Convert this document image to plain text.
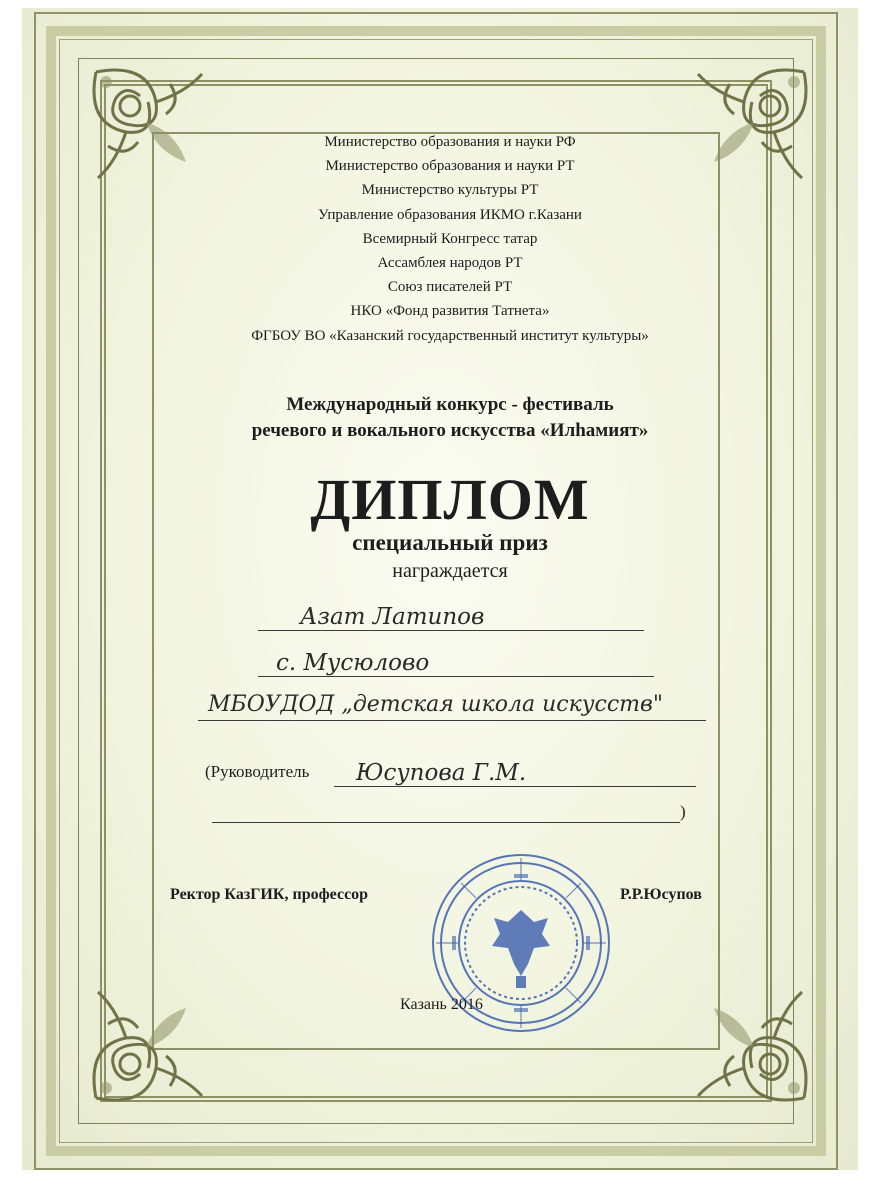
Министерство образования и науки РФ
Министерство образования и науки РТ
Министерство культуры РТ
Управление образования ИКМО г.Казани
Всемирный Конгресс татар
Ассамблея народов РТ
Союз писателей РТ
НКО «Фонд развития Татнета»
ФГБОУ ВО «Казанский государственный институт культуры»
Международный конкурс - фестиваль
речевого и вокального искусства «Илhамият»
ДИПЛОМ
специальный приз
награждается
Азат Латипов
с. Мусюлово
МБОУДОД „детская школа искусств"
(Руководитель Юсупова Г.М.
)
Ректор КазГИК, профессор	Р.Р.Юсупов
Казань 2016
